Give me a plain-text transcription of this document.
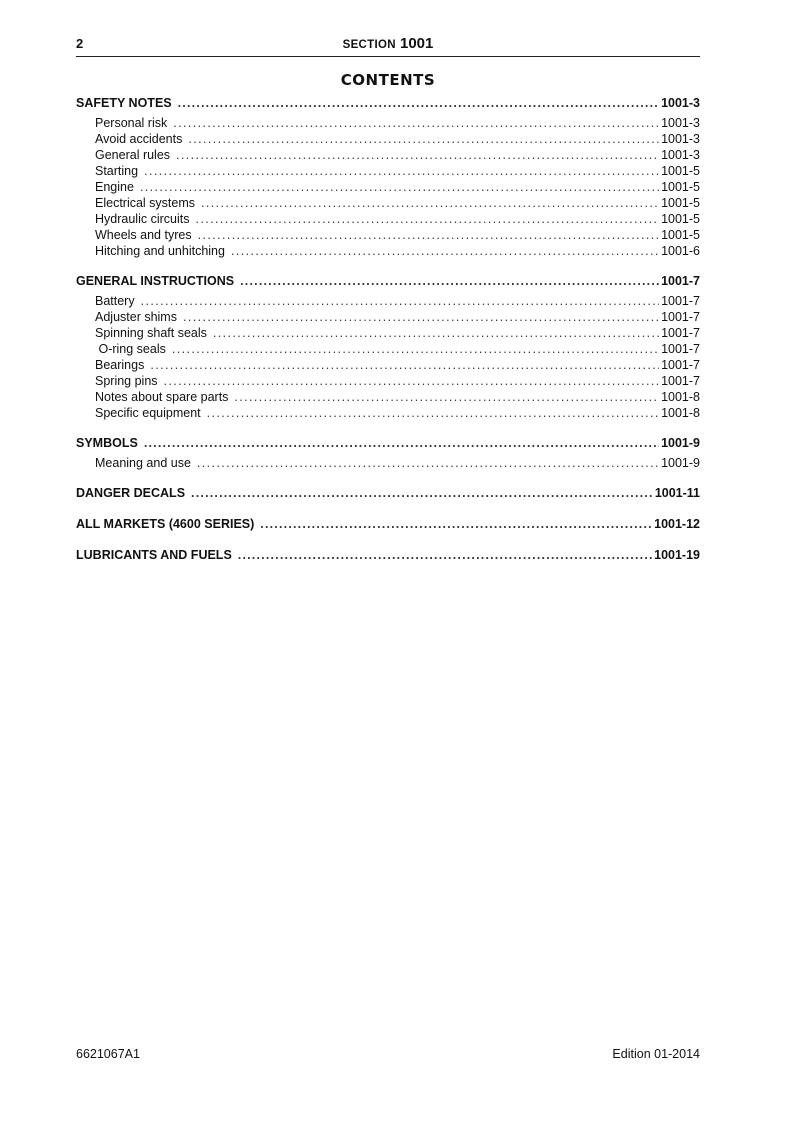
2	SECTION 1001
CONTENTS
SAFETY NOTES .....	1001-3
Personal risk .....	1001-3
Avoid accidents .....	1001-3
General rules .....	1001-3
Starting .....	1001-5
Engine .....	1001-5
Electrical systems .....	1001-5
Hydraulic circuits .....	1001-5
Wheels and tyres .....	1001-5
Hitching and unhitching .....	1001-6
GENERAL INSTRUCTIONS .....	1001-7
Battery .....	1001-7
Adjuster shims .....	1001-7
Spinning shaft seals .....	1001-7
O-ring seals .....	1001-7
Bearings .....	1001-7
Spring pins .....	1001-7
Notes about spare parts .....	1001-8
Specific equipment .....	1001-8
SYMBOLS .....	1001-9
Meaning and use .....	1001-9
DANGER DECALS .....	1001-11
ALL MARKETS (4600 SERIES) .....	1001-12
LUBRICANTS AND FUELS .....	1001-19
6621067A1	Edition 01-2014
